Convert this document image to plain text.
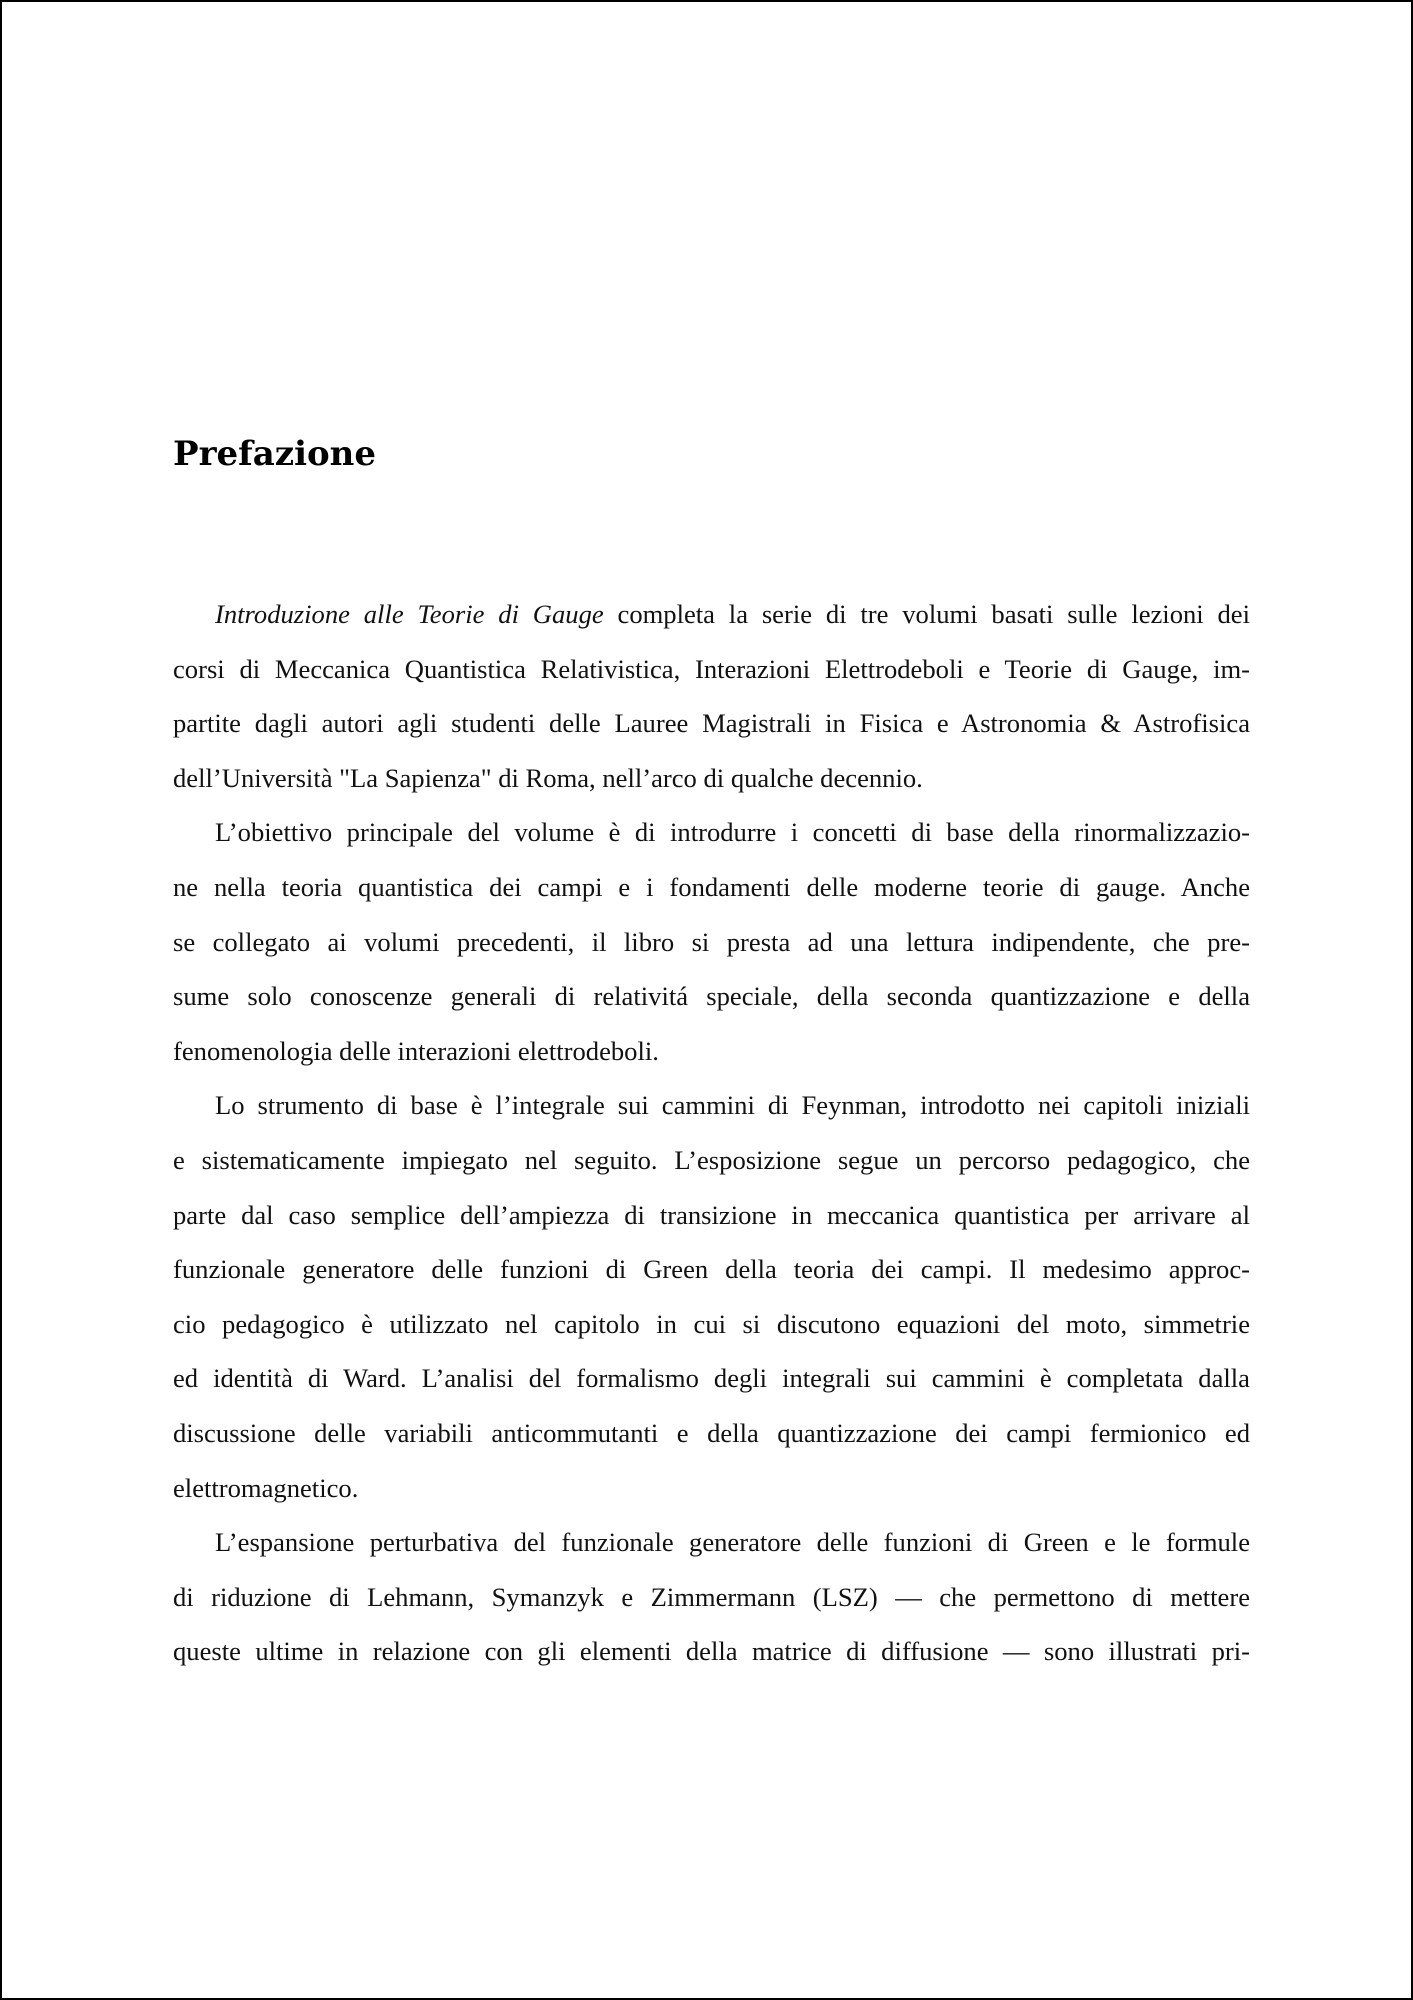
Prefazione
Introduzione alle Teorie di Gauge completa la serie di tre volumi basati sulle lezioni dei
corsi di Meccanica Quantistica Relativistica, Interazioni Elettrodeboli e Teorie di Gauge, im-
partite dagli autori agli studenti delle Lauree Magistrali in Fisica e Astronomia & Astrofisica
dell’Università "La Sapienza" di Roma, nell’arco di qualche decennio.
L’obiettivo principale del volume è di introdurre i concetti di base della rinormalizzazio-
ne nella teoria quantistica dei campi e i fondamenti delle moderne teorie di gauge. Anche
se collegato ai volumi precedenti, il libro si presta ad una lettura indipendente, che pre-
sume solo conoscenze generali di relativitá speciale, della seconda quantizzazione e della
fenomenologia delle interazioni elettrodeboli.
Lo strumento di base è l’integrale sui cammini di Feynman, introdotto nei capitoli iniziali
e sistematicamente impiegato nel seguito. L’esposizione segue un percorso pedagogico, che
parte dal caso semplice dell’ampiezza di transizione in meccanica quantistica per arrivare al
funzionale generatore delle funzioni di Green della teoria dei campi. Il medesimo approc-
cio pedagogico è utilizzato nel capitolo in cui si discutono equazioni del moto, simmetrie
ed identità di Ward. L’analisi del formalismo degli integrali sui cammini è completata dalla
discussione delle variabili anticommutanti e della quantizzazione dei campi fermionico ed
elettromagnetico.
L’espansione perturbativa del funzionale generatore delle funzioni di Green e le formule
di riduzione di Lehmann, Symanzyk e Zimmermann (LSZ) — che permettono di mettere
queste ultime in relazione con gli elementi della matrice di diffusione — sono illustrati pri-
